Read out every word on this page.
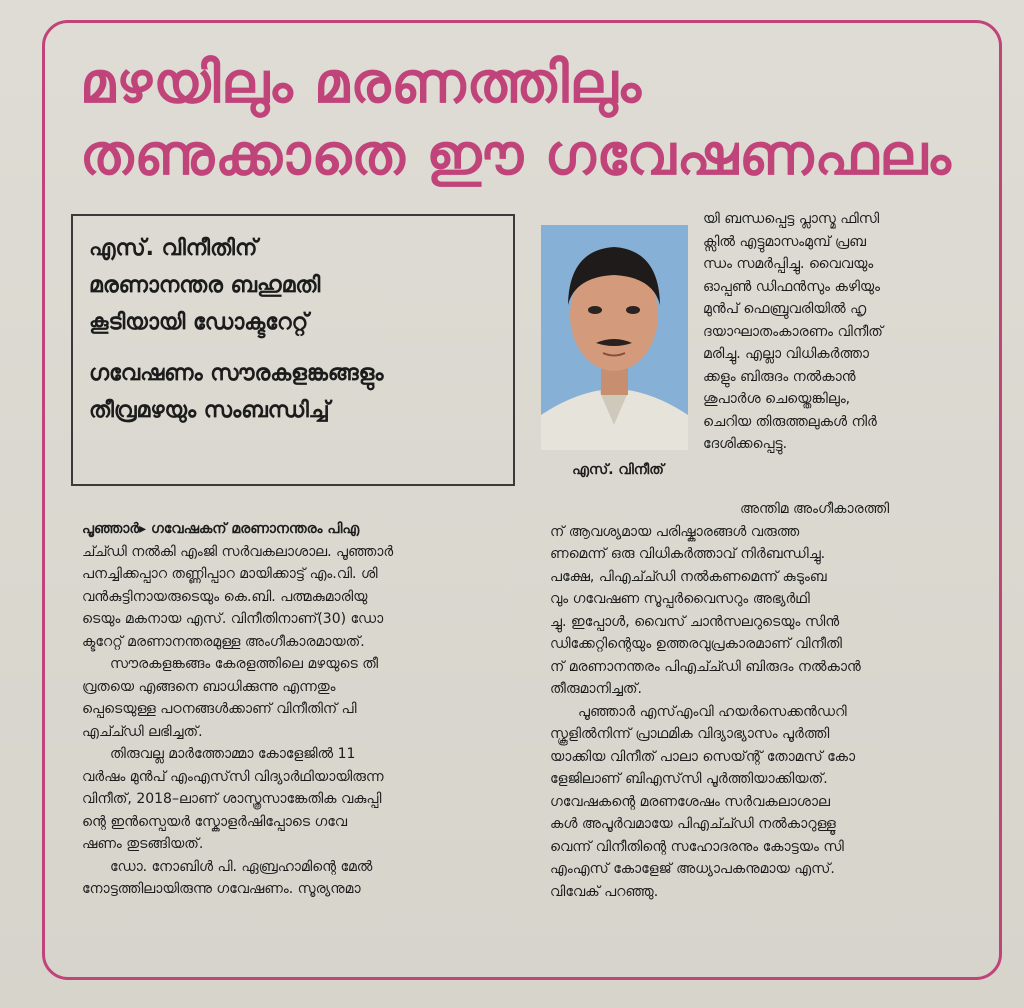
മഴയിലും മരണത്തിലും
തണുക്കാതെ ഈ ഗവേഷണഫലം
എസ്. വിനീതിന്
മരണാനന്തര ബഹുമതി
കൂടിയായി ഡോക്ടറേറ്റ്
ഗവേഷണം സൗരകളങ്കങ്ങളും
തീവ്രമഴയും സംബന്ധിച്ച്
എസ്. വിനീത്
യി ബന്ധപ്പെട്ട പ്ലാസ്മ ഫിസി
ക്സിൽ എട്ടുമാസംമുമ്പ് പ്രബ
ന്ധം സമർപ്പിച്ചു. വൈവയും
ഓപ്പൺ ഡിഫൻസും കഴിയും
മുൻപ് ഫെബ്രുവരിയിൽ ഹൃ
ദയാഘാതംകാരണം വിനീത്
മരിച്ചു. എല്ലാ വിധികർത്താ
ക്കളും ബിരുദം നൽകാൻ
ശുപാർശ ചെയ്തെങ്കിലും,
ചെറിയ തിരുത്തലുകൾ നിർ
ദേശിക്കപ്പെട്ടു.
പൂഞ്ഞാർ▸ ഗവേഷകന് മരണാനന്തരം പിഎ
ച്ച്ഡി നൽകി എംജി സർവകലാശാല. പൂഞ്ഞാർ
പനച്ചിക്കപ്പാറ തണ്ണിപ്പാറ മായിക്കാട്ട് എം.വി. ശി
വൻകുട്ടിനായരുടെയും കെ.ബി. പത്മകുമാരിയു
ടെയും മകനായ എസ്. വിനീതിനാണ്(30) ഡോ
ക്ടറേറ്റ് മരണാനന്തരമുള്ള അംഗീകാരമായത്.
സൗരകളങ്കങ്ങം കേരളത്തിലെ മഴയുടെ തീ
വ്രതയെ എങ്ങനെ ബാധിക്കുന്നു എന്നതും
പ്പെടെയുള്ള പഠനങ്ങൾക്കാണ് വിനീതിന് പി
എച്ച്ഡി ലഭിച്ചത്.
തിരുവല്ല മാർത്തോമ്മാ കോളേജിൽ 11
വർഷം മുൻപ് എംഎസ്‌സി വിദ്യാർഥിയായിരുന്ന
വിനീത്, 2018–ലാണ് ശാസ്ത്രസാങ്കേതിക വകുപ്പി
ന്റെ ഇൻസ്പെയർ സ്കോളർഷിപ്പോടെ ഗവേ
ഷണം തുടങ്ങിയത്.
ഡോ. നോബിൾ പി. ഏബ്രഹാമിന്റെ മേൽ
നോട്ടത്തിലായിരുന്നു ഗവേഷണം. സൂര്യനുമാ
അന്തിമ അംഗീകാരത്തി
ന് ആവശ്യമായ പരിഷ്കാരങ്ങൾ വരുത്ത
ണമെന്ന് ഒരു വിധികർത്താവ് നിർബന്ധിച്ചു.
പക്ഷേ, പിഎച്ച്ഡി നൽകണമെന്ന് കുടുംബ
വും ഗവേഷണ സൂപ്പർവൈസറും അഭ്യർഥി
ച്ചു. ഇപ്പോൾ, വൈസ് ചാൻസലറുടെയും സിൻ
ഡിക്കേറ്റിന്റെയും ഉത്തരവുപ്രകാരമാണ് വിനീതി
ന് മരണാനന്തരം പിഎച്ച്ഡി ബിരുദം നൽകാൻ
തീരുമാനിച്ചത്.
പൂഞ്ഞാർ എസ്എംവി ഹയർസെക്കൻഡറി
സ്കൂളിൽനിന്ന് പ്രാഥമിക വിദ്യാഭ്യാസം പൂർത്തി
യാക്കിയ വിനീത് പാലാ സെയ്ന്റ് തോമസ് കോ
ളേജിലാണ് ബിഎസ്‌സി പൂർത്തിയാക്കിയത്.
ഗവേഷകന്റെ മരണശേഷം സർവകലാശാല
കൾ അപൂർവമായേ പിഎച്ച്ഡി നൽകാറുള്ളൂ
വെന്ന് വിനീതിന്റെ സഹോദരനും കോട്ടയം സി
എംഎസ് കോളേജ് അധ്യാപകനുമായ എസ്.
വിവേക് പറഞ്ഞു.
